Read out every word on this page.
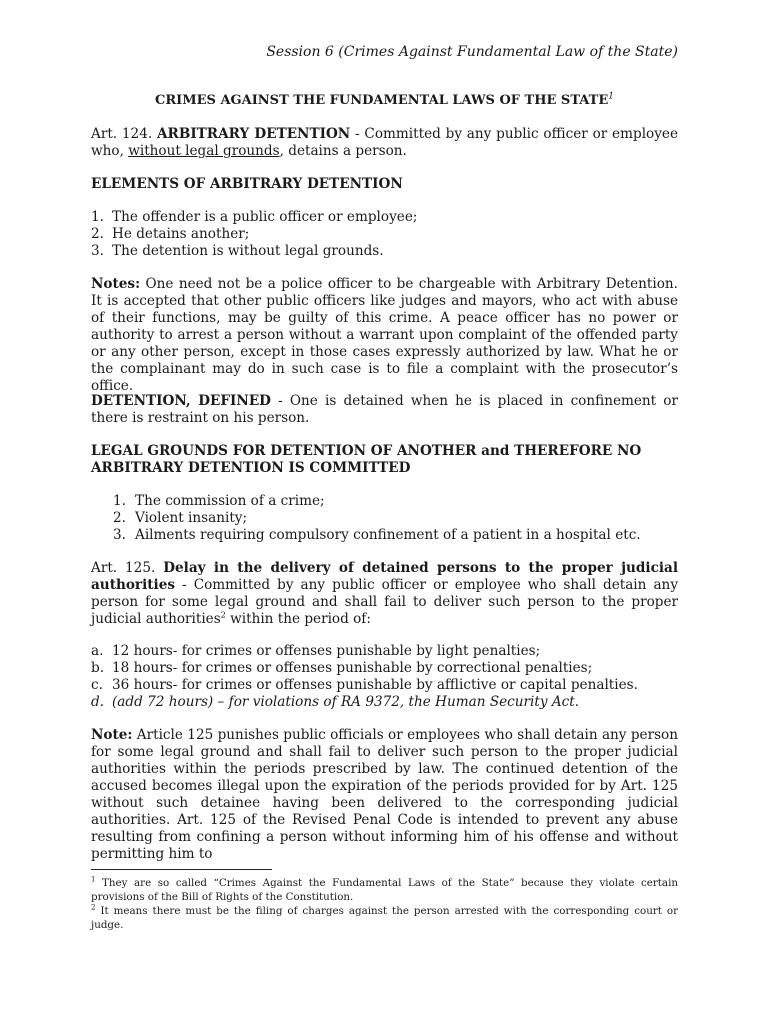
Session 6 (Crimes Against Fundamental Law of the State)
CRIMES AGAINST THE FUNDAMENTAL LAWS OF THE STATE$^1$

Art. 124. ARBITRARY DETENTION - Committed by any public officer or employee who, without legal grounds, detains a person.

ELEMENTS OF ARBITRARY DETENTION

1. The offender is a public officer or employee;
2. He detains another;
3. The detention is without legal grounds.

Notes: One need not be a police officer to be chargeable with Arbitrary Detention. It is accepted that other public officers like judges and mayors, who act with abuse of their functions, may be guilty of this crime. A peace officer has no power or authority to arrest a person without a warrant upon complaint of the offended party or any other person, except in those cases expressly authorized by law. What he or the complainant may do in such case is to file a complaint with the prosecutor’s office.

DETENTION, DEFINED - One is detained when he is placed in confinement or there is restraint on his person.

LEGAL GROUNDS FOR DETENTION OF ANOTHER and THEREFORE NO ARBITRARY DETENTION IS COMMITTED

1. The commission of a crime;
2. Violent insanity;
3. Ailments requiring compulsory confinement of a patient in a hospital etc.

Art. 125. Delay in the delivery of detained persons to the proper judicial authorities - Committed by any public officer or employee who shall detain any person for some legal ground and shall fail to deliver such person to the proper judicial authorities$^2$ within the period of:

a. 12 hours- for crimes or offenses punishable by light penalties;
b. 18 hours- for crimes or offenses punishable by correctional penalties;
c. 36 hours- for crimes or offenses punishable by afflictive or capital penalties.
d. (add 72 hours) – for violations of RA 9372, the Human Security Act.

Note: Article 125 punishes public officials or employees who shall detain any person for some legal ground and shall fail to deliver such person to the proper judicial authorities within the periods prescribed by law. The continued detention of the accused becomes illegal upon the expiration of the periods provided for by Art. 125 without such detainee having been delivered to the corresponding judicial authorities. Art. 125 of the Revised Penal Code is intended to prevent any abuse resulting from confining a person without informing him of his offense and without permitting him to

$^1$ They are so called “Crimes Against the Fundamental Laws of the State” because they violate certain provisions of the Bill of Rights of the Constitution.

$^2$ It means there must be the filing of charges against the person arrested with the corresponding court or judge.
